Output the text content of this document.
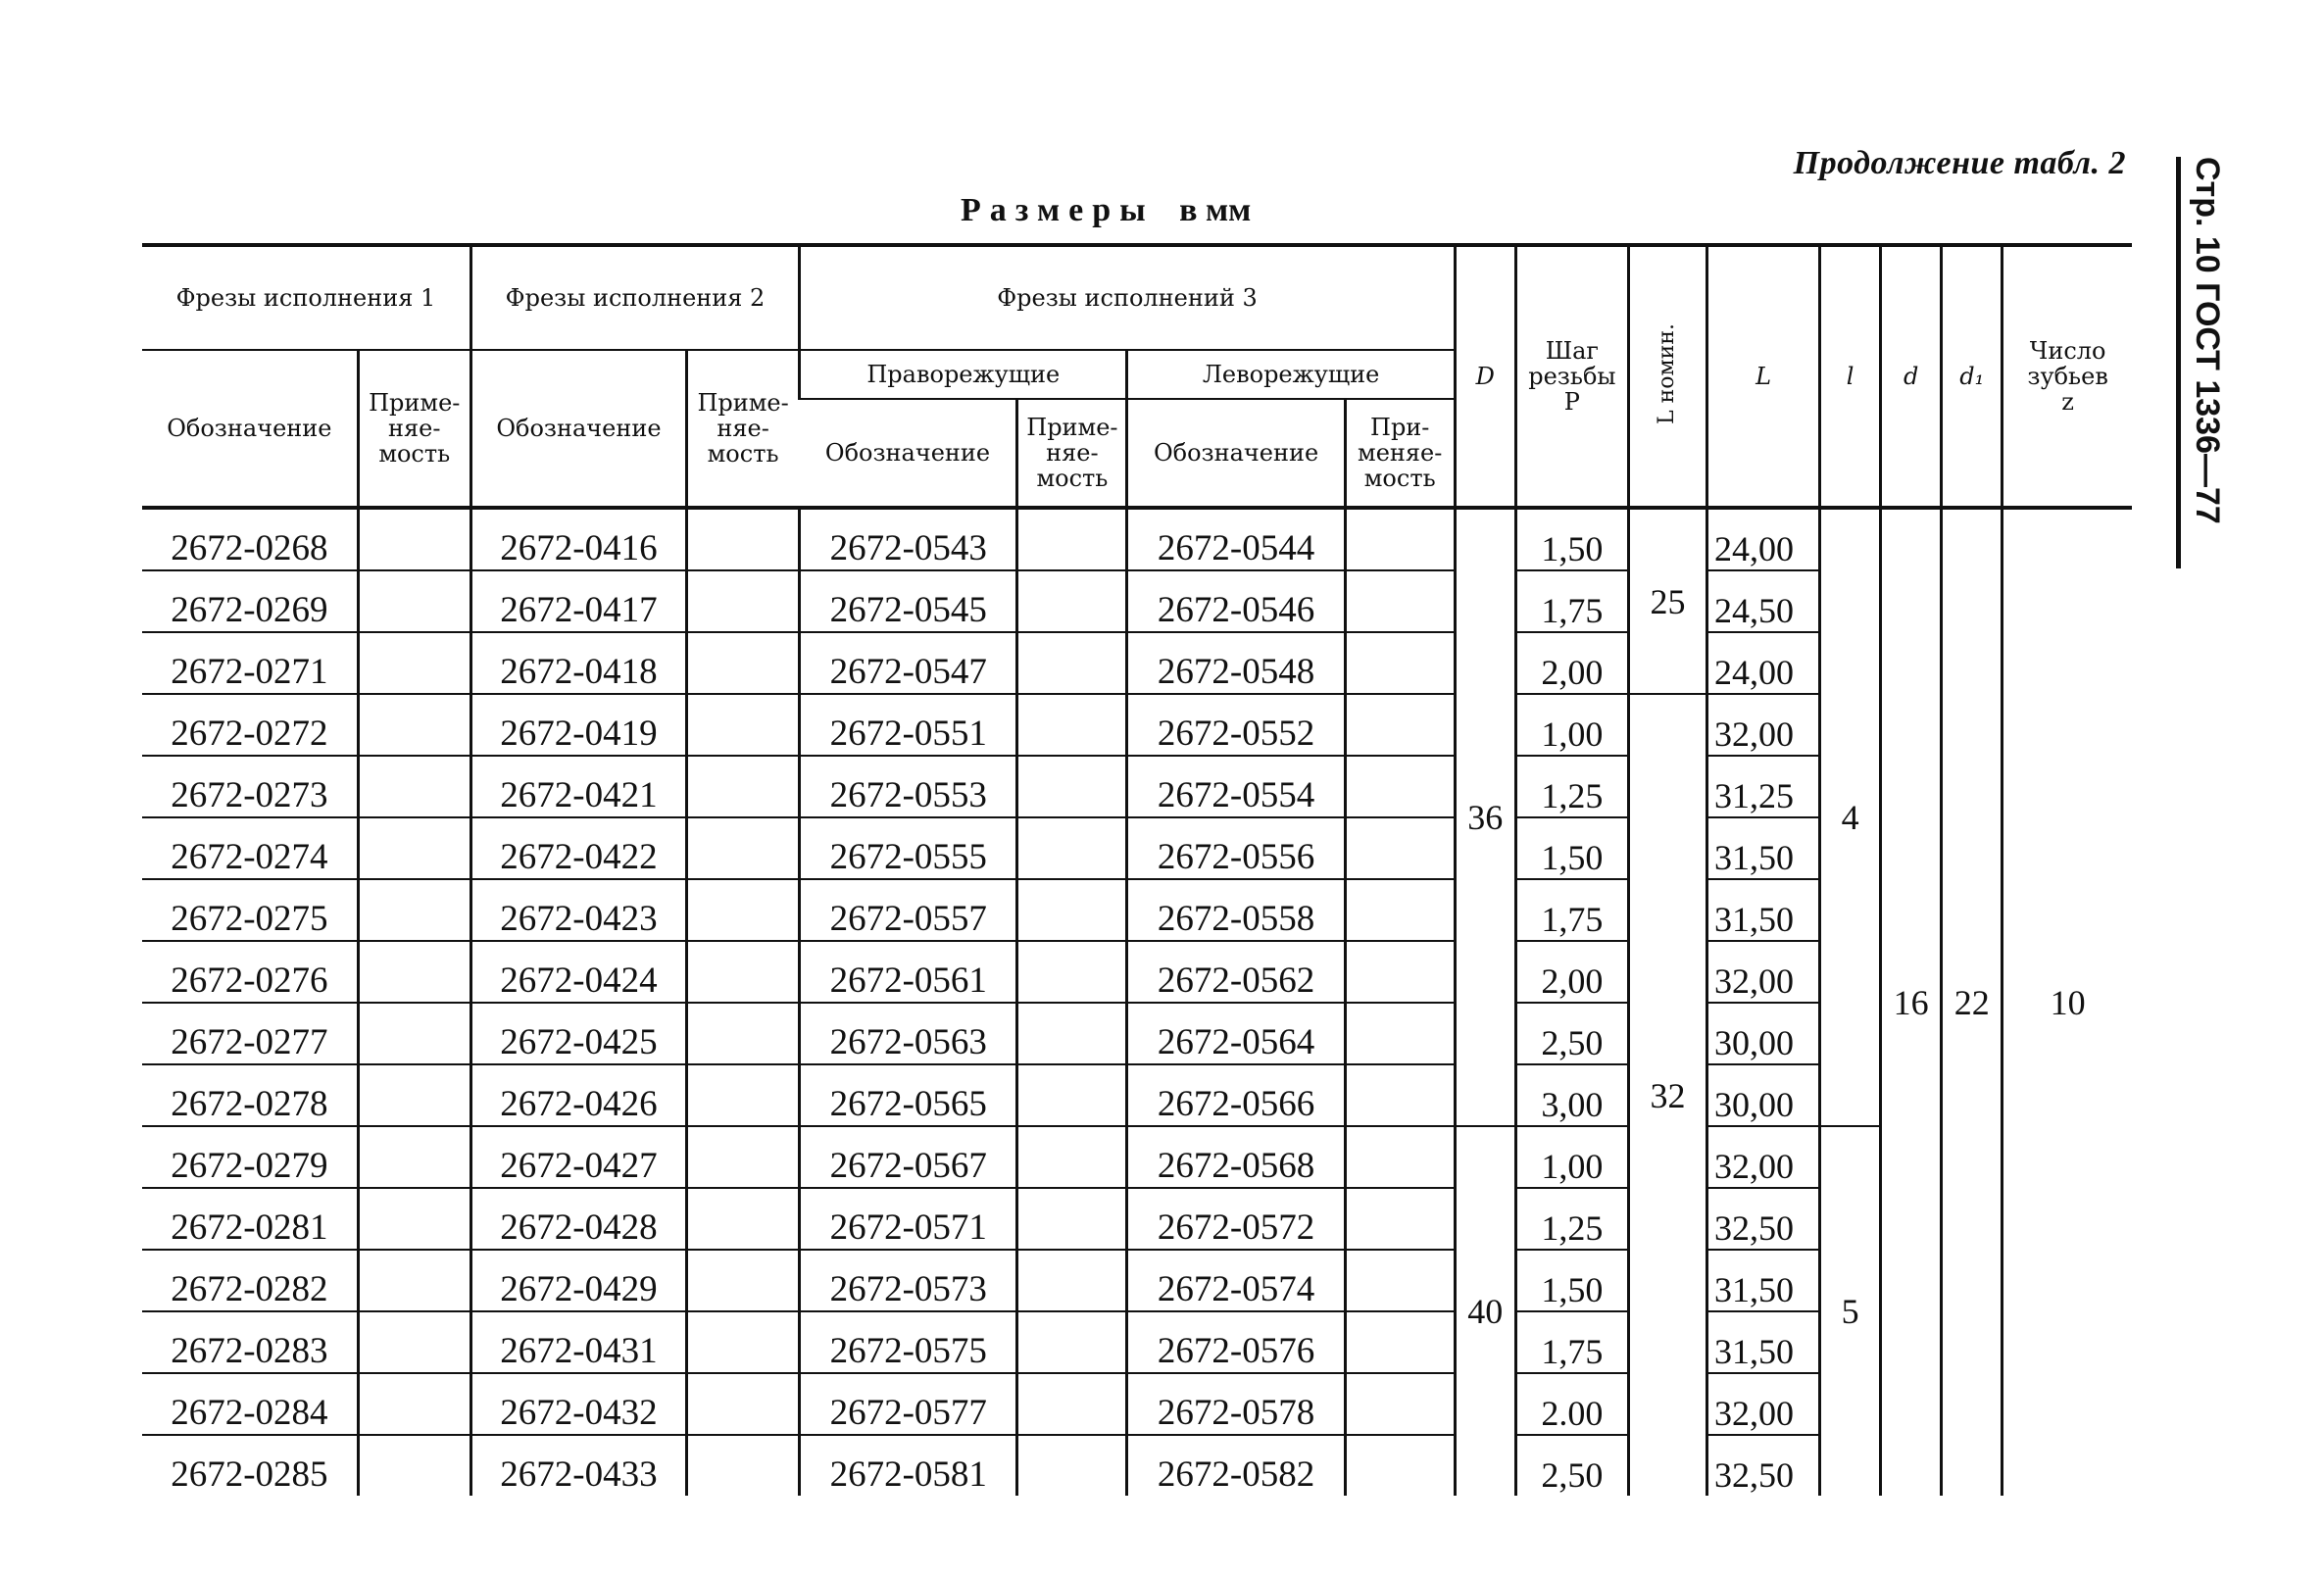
Продолжение табл. 2
Размеры в мм	Стр. 10 ГОСТ 1336—77
Фрезы исполнения 1		Фрезы исполнения 2		Фрезы исполнений 3				D	Шаг
резьбы
P	L номин.	L	l	d	d₁	Число
зубьев
z
Обозначение	Приме-
няе-
мость	Обозначение	Приме-
няе-
мость	Праворежущие		Леворежущие									
				Обозначение	Приме-
няе-
мость	Обозначение	При-
меняе-
мость								
2672-0268		2672-0416		2672-0543		2672-0544		36	1,50	25	24,00	4	16	22	10
2672-0269		2672-0417		2672-0545		2672-0546			1,75		24,50				
2672-0271		2672-0418		2672-0547		2672-0548			2,00		24,00				
2672-0272		2672-0419		2672-0551		2672-0552			1,00	32	32,00				
2672-0273		2672-0421		2672-0553		2672-0554			1,25		31,25				
2672-0274		2672-0422		2672-0555		2672-0556			1,50		31,50				
2672-0275		2672-0423		2672-0557		2672-0558			1,75		31,50				
2672-0276		2672-0424		2672-0561		2672-0562			2,00		32,00				
2672-0277		2672-0425		2672-0563		2672-0564			2,50		30,00				
2672-0278		2672-0426		2672-0565		2672-0566			3,00		30,00				
2672-0279		2672-0427		2672-0567		2672-0568		40	1,00		32,00	5			
2672-0281		2672-0428		2672-0571		2672-0572			1,25		32,50				
2672-0282		2672-0429		2672-0573		2672-0574			1,50		31,50				
2672-0283		2672-0431		2672-0575		2672-0576			1,75		31,50				
2672-0284		2672-0432		2672-0577		2672-0578			2.00		32,00				
2672-0285		2672-0433		2672-0581		2672-0582			2,50		32,50				
